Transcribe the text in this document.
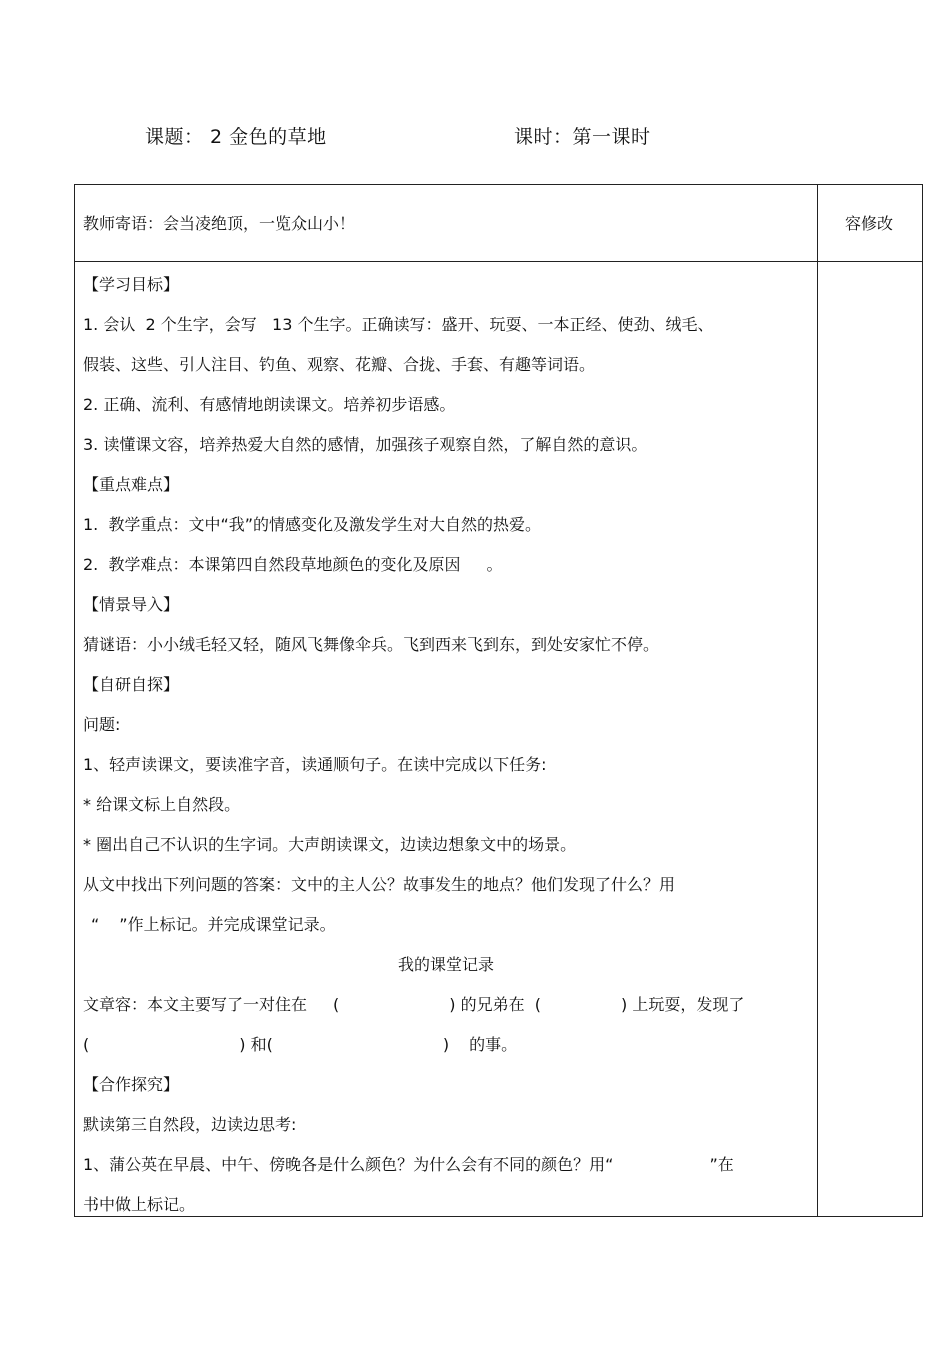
课题： 2 金色的草地	课时：第一课时
教师寄语：会当凌绝顶，一览众山小！	容修改
【学习目标】
1. 会认  2 个生字，会写   13 个生字。正确读写：盛开、玩耍、一本正经、使劲、绒毛、
假装、这些、引人注目、钓鱼、观察、花瓣、合拢、手套、有趣等词语。
2. 正确、流利、有感情地朗读课文。培养初步语感。
3. 读懂课文容，培养热爱大自然的感情，加强孩子观察自然，了解自然的意识。
【重点难点】
1.  教学重点：文中“我”的情感变化及激发学生对大自然的热爱。
2.  教学难点：本课第四自然段草地颜色的变化及原因 。
【情景导入】
猜谜语：小小绒毛轻又轻，随风飞舞像伞兵。飞到西来飞到东，到处安家忙不停。
【自研自探】
问题:
1、轻声读课文，要读准字音，读通顺句子。在读中完成以下任务:
* 给课文标上自然段。
* 圈出自己不认识的生字词。大声朗读课文，边读边想象文中的场景。
从文中找出下列问题的答案：文中的主人公？故事发生的地点？他们发现了什么？用
“ ”作上标记。并完成课堂记录。
我的课堂记录
文章容：本文主要写了一对住在 (	) 的兄弟在  (	) 上玩耍，发现了
(	) 和(	) 的事。
【合作探究】
默读第三自然段，边读边思考:
1、蒲公英在早晨、中午、傍晚各是什么颜色？为什么会有不同的颜色？用“	”在
书中做上标记。
